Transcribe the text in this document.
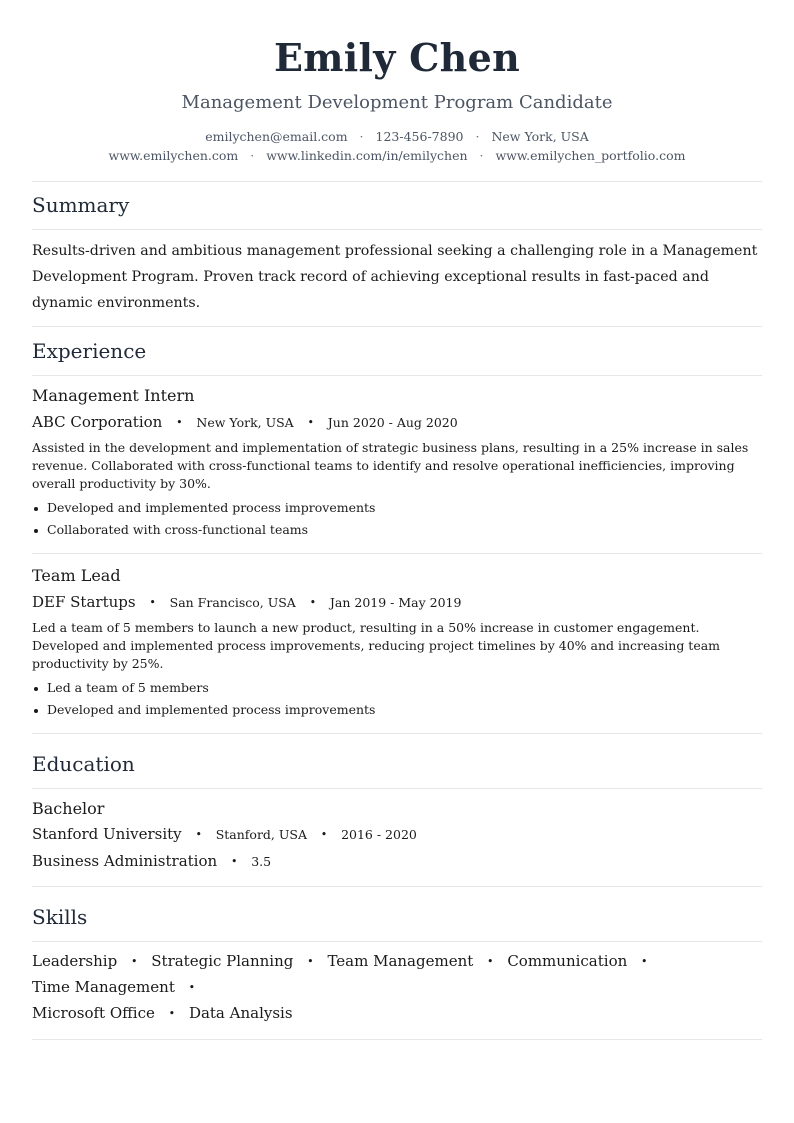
Emily Chen
Management Development Program Candidate
emilychen@email.com · 123-456-7890 · New York, USA
www.emilychen.com · www.linkedin.com/in/emilychen · www.emilychen_portfolio.com
Summary
Results-driven and ambitious management professional seeking a challenging role in a Management Development Program. Proven track record of achieving exceptional results in fast-paced and dynamic environments.
Experience
Management Intern
ABC Corporation • New York, USA • Jun 2020 - Aug 2020
Assisted in the development and implementation of strategic business plans, resulting in a 25% increase in sales revenue. Collaborated with cross-functional teams to identify and resolve operational inefficiencies, improving overall productivity by 30%.
Developed and implemented process improvements
Collaborated with cross-functional teams
Team Lead
DEF Startups • San Francisco, USA • Jan 2019 - May 2019
Led a team of 5 members to launch a new product, resulting in a 50% increase in customer engagement. Developed and implemented process improvements, reducing project timelines by 40% and increasing team productivity by 25%.
Led a team of 5 members
Developed and implemented process improvements
Education
Bachelor
Stanford University • Stanford, USA • 2016 - 2020
Business Administration • 3.5
Skills
Leadership • Strategic Planning • Team Management • Communication • Time Management •
Microsoft Office • Data Analysis
